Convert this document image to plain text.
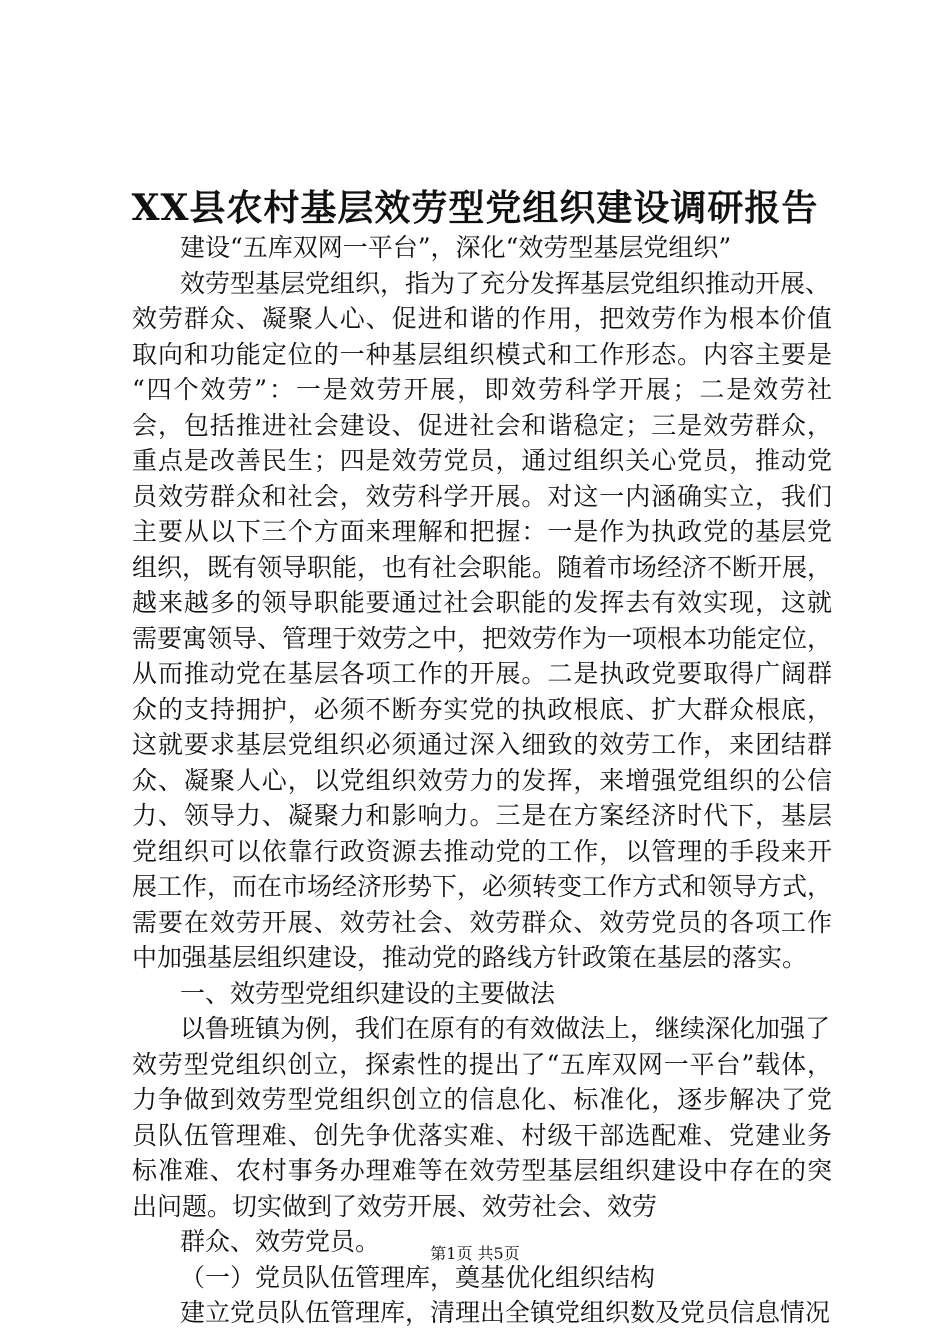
XX县农村基层效劳型党组织建设调研报告
建设“五库双网一平台”，深化“效劳型基层党组织”
效劳型基层党组织，指为了充分发挥基层党组织推动开展、
效劳群众、凝聚人心、促进和谐的作用，把效劳作为根本价值
取向和功能定位的一种基层组织模式和工作形态。内容主要是
“四个效劳”：一是效劳开展，即效劳科学开展；二是效劳社
会，包括推进社会建设、促进社会和谐稳定；三是效劳群众，
重点是改善民生；四是效劳党员，通过组织关心党员，推动党
员效劳群众和社会，效劳科学开展。对这一内涵确实立，我们
主要从以下三个方面来理解和把握：一是作为执政党的基层党
组织，既有领导职能，也有社会职能。随着市场经济不断开展，
越来越多的领导职能要通过社会职能的发挥去有效实现，这就
需要寓领导、管理于效劳之中，把效劳作为一项根本功能定位，
从而推动党在基层各项工作的开展。二是执政党要取得广阔群
众的支持拥护，必须不断夯实党的执政根底、扩大群众根底，
这就要求基层党组织必须通过深入细致的效劳工作，来团结群
众、凝聚人心，以党组织效劳力的发挥，来增强党组织的公信
力、领导力、凝聚力和影响力。三是在方案经济时代下，基层
党组织可以依靠行政资源去推动党的工作，以管理的手段来开
展工作，而在市场经济形势下，必须转变工作方式和领导方式，
需要在效劳开展、效劳社会、效劳群众、效劳党员的各项工作
中加强基层组织建设，推动党的路线方针政策在基层的落实。
一、效劳型党组织建设的主要做法
以鲁班镇为例，我们在原有的有效做法上，继续深化加强了
效劳型党组织创立，探索性的提出了“五库双网一平台”载体，
力争做到效劳型党组织创立的信息化、标准化，逐步解决了党
员队伍管理难、创先争优落实难、村级干部选配难、党建业务
标准难、农村事务办理难等在效劳型基层组织建设中存在的突
出问题。切实做到了效劳开展、效劳社会、效劳
群众、效劳党员。
（一）党员队伍管理库，奠基优化组织结构
建立党员队伍管理库，清理出全镇党组织数及党员信息情况
第1页 共5页
